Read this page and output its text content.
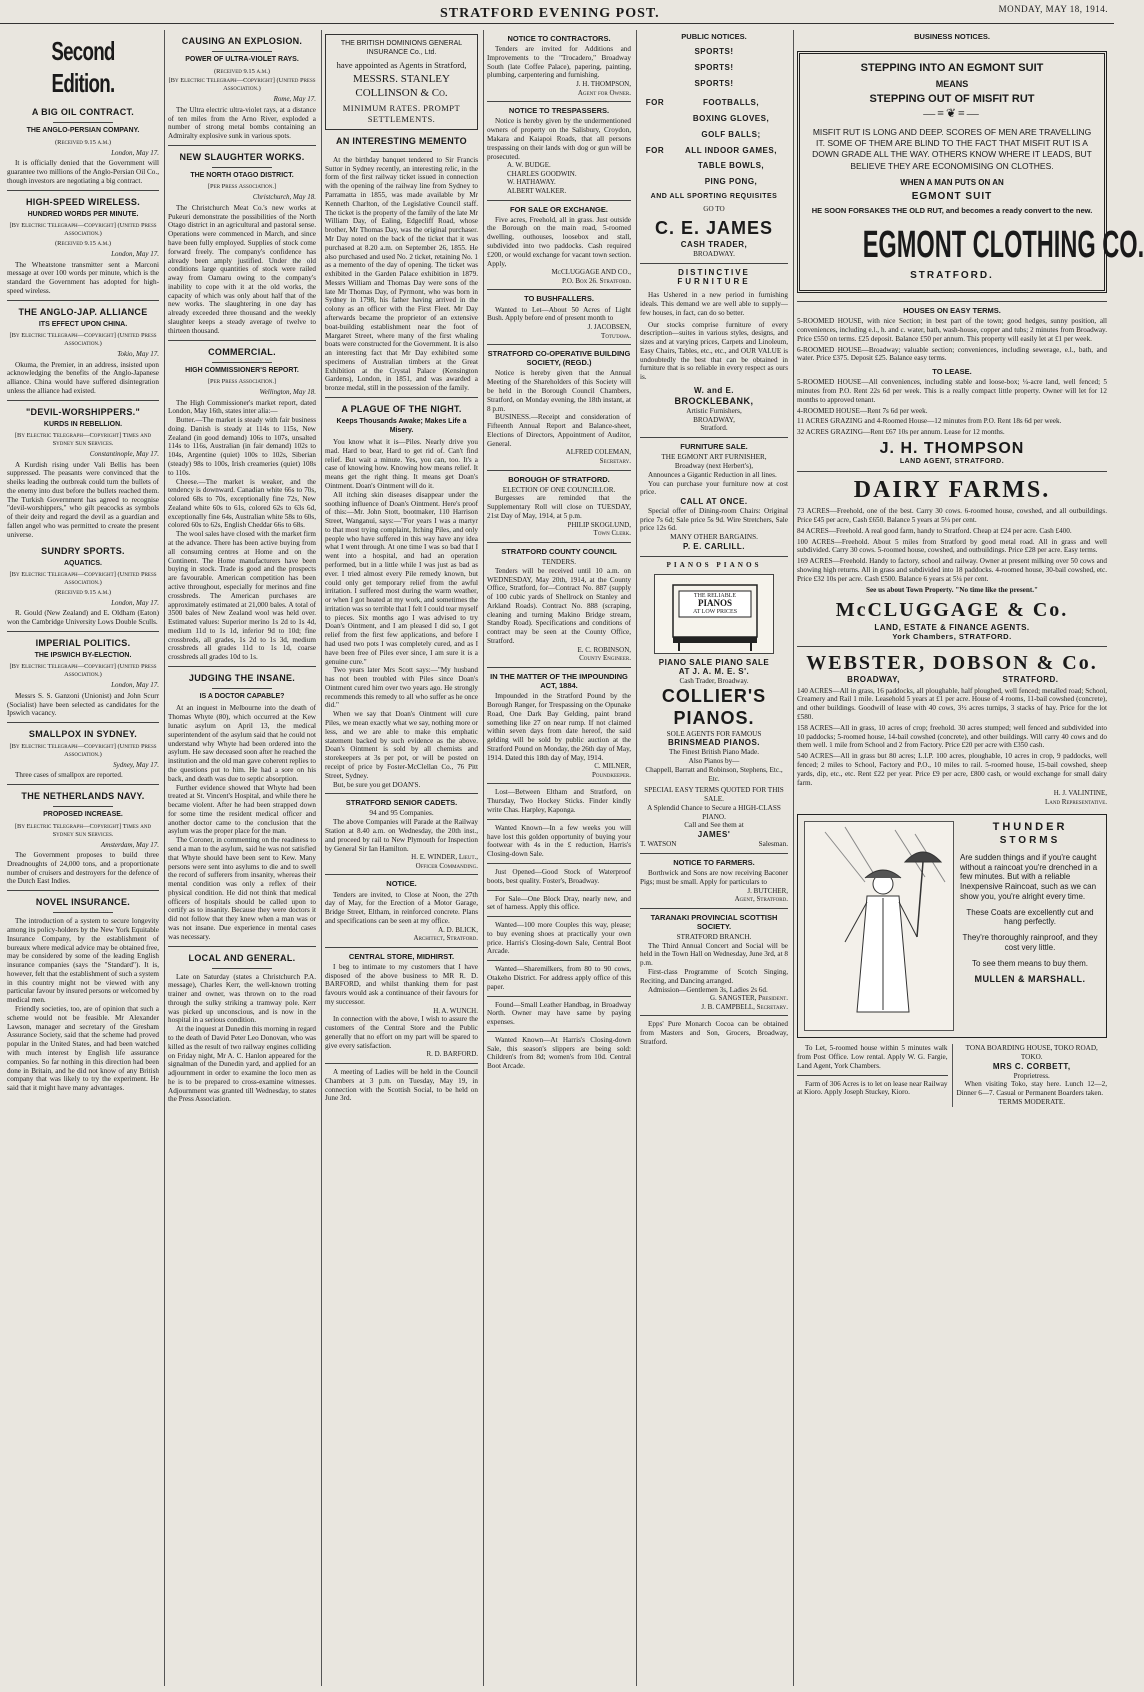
STRATFORD EVENING POST.	MONDAY, MAY 18, 1914.
Second Edition.
A BIG OIL CONTRACT.
THE ANGLO-PERSIAN COMPANY.
(Received 9.15 a.m.)
London, May 17.

It is officially denied that the Government will guarantee two millions of the Anglo-Persian Oil Co., though investors are negotiating a big contract.

HIGH-SPEED WIRELESS.
HUNDRED WORDS PER MINUTE.
[By Electric Telegraph—Copyright] (United Press Association.)
(Received 9.15 a.m.)
London, May 17.

The Wheatstone transmitter sent a Marconi message at over 100 words per minute, which is the standard the Government has adopted for high-speed wireless.

THE ANGLO-JAP. ALLIANCE
ITS EFFECT UPON CHINA.
[By Electric Telegraph—Copyright] (United Press Association.)
Tokio, May 17.

Okuma, the Premier, in an address, insisted upon acknowledging the benefits of the Anglo-Japanese alliance. China would have suffered disintegration unless the alliance had existed.

"DEVIL-WORSHIPPERS."
KURDS IN REBELLION.
[By Electric Telegraph—Copyright] Times and Sydney Sun Services.
Constantinople, May 17.

A Kurdish rising under Vali Bellis has been suppressed. The peasants were convinced that the sheiks leading the outbreak could turn the bullets of the enemy into dust before the bullets reached them. The Turkish Government has agreed to recognise "devil-worshippers," who gilt peacocks as symbols of their deity and regard the devil as a guardian and fallen angel who was permitted to create the present universe.

SUNDRY SPORTS.
AQUATICS.
[By Electric Telegraph—Copyright] (United Press Association.)
(Received 9.15 a.m.)
London, May 17.

R. Gould (New Zealand) and E. Oldham (Eaton) won the Cambridge University Lows Double Sculls.

IMPERIAL POLITICS.
THE IPSWICH BY-ELECTION.
[By Electric Telegraph—Copyright] (United Press Association.)
London, May 17.

Messrs S. S. Ganzoni (Unionist) and John Scurr (Socialist) have been selected as candidates for the Ipswich vacancy.

SMALLPOX IN SYDNEY.
[By Electric Telegraph—Copyright] (United Press Association.)
Sydney, May 17.

Three cases of smallpox are reported.

THE NETHERLANDS NAVY.
PROPOSED INCREASE.
[By Electric Telegraph—Copyright] Times and Sydney Sun Services.
Amsterdam, May 17.

The Government proposes to build three Dreadnoughts of 24,000 tons, and a proportionate number of cruisers and destroyers for the defence of the Dutch East Indies.

NOVEL INSURANCE.

The introduction of a system to secure longevity among its policy-holders by the New York Equitable Insurance Company, by the establishment of bureaux where medical advice may be obtained free, may be considered by some of the leading English insurance companies (says the "Standard"). It is, however, felt that the establishment of such a system in this country might not be viewed with any particular favour by insured persons or welcomed by medical men.

Friendly societies, too, are of opinion that such a scheme would not be feasible. Mr Alexander Lawson, manager and secretary of the Gresham Assurance Society, said that the scheme had proved popular in the United States, and had been watched with much interest by English life assurance companies. So far nothing in this direction had been done in Britain, and he did not know of any British company that was likely to try the experiment. He said that it might have many advantages.

CAUSING AN EXPLOSION.
POWER OF ULTRA-VIOLET RAYS.
(Received 9.15 a.m.)
[By Electric Telegraph—Copyright] (United Press Association.)
Rome, May 17.

The Ultra electric ultra-violet rays, at a distance of ten miles from the Arno River, exploded a number of strong metal bombs containing an Admiralty explosive sunk in various spots.

NEW SLAUGHTER WORKS.
THE NORTH OTAGO DISTRICT.
[Per Press Association.]
Christchurch, May 18.

The Christchurch Meat Co.'s new works at Pukeuri demonstrate the possibilities of the North Otago district in an agricultural and pastoral sense. Operations were commenced in March, and since have been fully employed. Supplies of stock come forward freely. The company's confidence has already been amply justified. Under the old conditions large quantities of stock were railed away from Oamaru owing to the company's inability to cope with it at the old works, the capacity of which was only about half that of the new works. The slaughtering in one day has already exceeded three thousand and the weekly slaughter keeps a steady average of twelve to thirteen thousand.

COMMERCIAL.
HIGH COMMISSIONER'S REPORT.
[Per Press Association.]
Wellington, May 18.

The High Commissioner's market report, dated London, May 16th, states inter alia:—

Butter.—The market is steady with fair business doing. Danish is steady at 114s to 115s, New Zealand (in good demand) 106s to 107s, unsalted 114s to 116s, Australian (in fair demand) 102s to 104s, Argentine (quiet) 100s to 102s, Siberian (steady) 98s to 100s, Irish creameries (quiet) 108s to 110s.

Cheese.—The market is weaker, and the tendency is downward. Canadian white 66s to 70s, colored 68s to 70s, exceptionally fine 72s, New Zealand white 60s to 61s, colored 62s to 63s 6d, exceptionally fine 64s, Australian white 58s to 60s, colored 60s to 62s, English Cheddar 66s to 68s.

The wool sales have closed with the market firm at the advance. There has been active buying from all consuming centres at Home and on the Continent. The Home manufacturers have been buying in stock. Trade is good and the prospects are favourable. American competition has been active throughout, especially for merinos and fine crossbreds. The American purchases are approximately estimated at 21,000 bales. A total of 3500 bales of New Zealand wool was held over. Estimated values: Superior merino 1s 2d to 1s 4d, medium 11d to 1s 1d, inferior 9d to 10d; fine crossbreds, all grades, 1s 2d to 1s 3d, medium crossbreds all grades 11d to 1s 1d, coarse crossbreds all grades 10d to 1s.

JUDGING THE INSANE.
IS A DOCTOR CAPABLE?

At an inquest in Melbourne into the death of Thomas Whyte (80), which occurred at the Kew lunatic asylum on April 13, the medical superintendent of the asylum said that he could not understand why Whyte had been ordered into the asylum. He saw deceased soon after he reached the institution and the old man gave coherent replies to the questions put to him. He had a sore on his back, and death was due to septic absorption.

Further evidence showed that Whyte had been treated at St. Vincent's Hospital, and while there he became violent. After he had been strapped down for some time the resident medical officer and another doctor came to the conclusion that the asylum was the proper place for the man.

The Coroner, in commenting on the readiness to send a man to the asylum, said he was not satisfied that Whyte should have been sent to Kew. Many persons were sent into asylums to die and to swell the record of sufferers from insanity, whereas their mental condition was only a reflex of their physical condition. He did not think that medical officers of hospitals should be called upon to certify as to insanity. Because they were doctors it did not follow that they knew when a man was or was not insane. Due experience in mental cases was necessary.

LOCAL AND GENERAL.

Late on Saturday (states a Christchurch P.A. message), Charles Kerr, the well-known trotting trainer and owner, was thrown on to the road through the sulky striking a tramway pole. Kerr was picked up unconscious, and is now in the hospital in a serious condition.

At the inquest at Dunedin this morning in regard to the death of David Peter Leo Donovan, who was killed as the result of two railway engines colliding on Friday night, Mr A. C. Hanlon appeared for the signalman of the Dunedin yard, and applied for an adjournment in order to examine the loco men as he is to be prepared to cross-examine witnesses. Adjournment was granted till Wednesday, to states the Press Association.

THE BRITISH DOMINIONS GENERAL INSURANCE Co., Ltd.
have appointed as Agents in Stratford,
MESSRS. STANLEY COLLINSON & Co.
MINIMUM RATES. PROMPT SETTLEMENTS.
AN INTERESTING MEMENTO

At the birthday banquet tendered to Sir Francis Suttor in Sydney recently, an interesting relic, in the form of the first railway ticket issued in connection with the opening of the railway line from Sydney to Parramatta in 1855, was made available by Mr Kenneth Charlton, of the Legislative Council staff. The ticket is the property of the family of the late Mr William Day, of Ealing, Edgecliff Road, whose brother, Mr Thomas Day, was the original purchaser. Mr Day noted on the back of the ticket that it was purchased at 8.20 a.m. on September 26, 1855. He also purchased and used No. 2 ticket, retaining No. 1 as a memento of the day of opening. The ticket was exhibited in the Garden Palace exhibition in 1879. Messrs William and Thomas Day were sons of the late Mr Thomas Day, of Pyrmont, who was born in Sydney in 1798, his father having arrived in the colony as an officer with the First Fleet. Mr Day afterwards became the proprietor of an extensive boat-building establishment near the foot of Margaret Street, where many of the first whaling boats were constructed for the Government. It is also an interesting fact that Mr Day exhibited some specimens of Australian timbers at the Great Exhibition at the Crystal Palace (Kensington Gardens), London, in 1851, and was awarded a bronze medal, still in the possession of the family.

A PLAGUE OF THE NIGHT.
Keeps Thousands Awake; Makes Life a Misery.

You know what it is—Piles. Nearly drive you mad. Hard to bear, Hard to get rid of. Can't find relief. But wait a minute. Yes, you can, too. It's a case of knowing how. Knowing how means relief. It means get the right thing. It means get Doan's Ointment. Doan's Ointment will do it.

All itching skin diseases disappear under the soothing influence of Doan's Ointment. Here's proof of this:—Mr. John Stott, bootmaker, 110 Harrison Street, Wanganui, says:—"For years I was a martyr to that most trying complaint, Itching Piles, and only people who have suffered in this way have any idea what I went through. At one time I was so bad that I went into a hospital, and had an operation performed, but in a little while I was just as bad as ever. I tried almost every Pile remedy known, but could only get temporary relief from the awful irritation. I suffered most during the warm weather, or when I got heated at my work, and sometimes the irritation was so terrible that I felt I could tear myself to pieces. Six months ago I was advised to try Doan's Ointment, and I am pleased I did so, I got relief from the first few applications, and before I had used two pots I was completely cured, and as I have been free of Piles ever since, I am sure it is a genuine cure."

Two years later Mrs Scott says:—"My husband has not been troubled with Piles since Doan's Ointment cured him over two years ago. He strongly recommends this remedy to all who suffer as he once did."

When we say that Doan's Ointment will cure Piles, we mean exactly what we say, nothing more or less, and we are able to make this emphatic statement backed by such evidence as the above. Doan's Ointment is sold by all chemists and storekeepers at 3s per pot, or will be posted on receipt of price by Foster-McClellan Co., 76 Pitt Street, Sydney.

But, be sure you get DOAN'S.

STRATFORD SENIOR CADETS.
94 and 95 Companies.

The above Companies will Parade at the Railway Station at 8.40 a.m. on Wednesday, the 20th inst., and proceed by rail to New Plymouth for Inspection by General Sir Ian Hamilton.

H. E. WINDER, Lieut.,
Officer Commanding.
NOTICE.

Tenders are invited, to Close at Noon, the 27th day of May, for the Erection of a Motor Garage, Bridge Street, Eltham, in reinforced concrete. Plans and specifications can be seen at my office.

A. D. BLICK,
Architect, Stratford.
CENTRAL STORE, MIDHIRST.

I beg to intimate to my customers that I have disposed of the above business to MR R. D. BARFORD, and whilst thanking them for past favours would ask a continuance of their favours for my successor.

H. A. WUNCH.

In connection with the above, I wish to assure the customers of the Central Store and the Public generally that no effort on my part will be spared to give every satisfaction.

R. D. BARFORD.

A meeting of Ladies will be held in the Council Chambers at 3 p.m. on Tuesday, May 19, in connection with the Scottish Social, to be held on June 3rd.

NOTICE TO CONTRACTORS.

Tenders are invited for Additions and Improvements to the "Trocadero," Broadway South (late Coffee Palace), papering, painting, plumbing, carpentering and furnishing.

J. H. THOMPSON,
Agent for Owner.
NOTICE TO TRESPASSERS.

Notice is hereby given by the undermentioned owners of property on the Salisbury, Croydon, Makara and Kaiapoi Roads, that all persons trespassing on their lands with dog or gun will be prosecuted.

A. W. BUDGE.
CHARLES GOODWIN.
W. HATHAWAY.
ALBERT WALKER.
FOR SALE OR EXCHANGE.

Five acres, Freehold, all in grass. Just outside the Borough on the main road, 5-roomed dwelling, outhouses, loosebox and stall, subdivided into two paddocks. Cash required £200, or would exchange for vacant town section. Apply,

McCLUGGAGE AND CO.,
P.O. Box 26. Stratford.
TO BUSHFALLERS.

Wanted to Let—About 50 Acres of Light Bush. Apply before end of present month to

J. JACOBSEN,
Totutawa.
STRATFORD CO-OPERATIVE BUILDING SOCIETY, (REGD.)

Notice is hereby given that the Annual Meeting of the Shareholders of this Society will be held in the Borough Council Chambers, Stratford, on Monday evening, the 18th instant, at 8 p.m.

BUSINESS.—Receipt and consideration of Fifteenth Annual Report and Balance-sheet, Elections of Directors, Appointment of Auditor, General.

ALFRED COLEMAN,
Secretary.
BOROUGH OF STRATFORD.
ELECTION OF ONE COUNCILLOR.

Burgesses are reminded that the Supplementary Roll will close on TUESDAY, 21st Day of May, 1914, at 5 p.m.

PHILIP SKOGLUND,
Town Clerk.
STRATFORD COUNTY COUNCIL
TENDERS.

Tenders will be received until 10 a.m. on WEDNESDAY, May 20th, 1914, at the County Office, Stratford, for—Contract No. 887 (supply of 100 cubic yards of Shellrock on Stanley and Arkland Roads). Contract No. 888 (scraping, cleaning and turning Makino Bridge stream, Standby Road). Specifications and conditions of contract may be seen at the County Office, Stratford.

E. C. ROBINSON,
County Engineer.
IN THE MATTER OF THE IMPOUNDING ACT, 1884.

Impounded in the Stratford Pound by the Borough Ranger, for Trespassing on the Opunake Road, One Dark Bay Gelding, paint brand something like 27 on near rump. If not claimed within seven days from date hereof, the said gelding will be sold by public auction at the Stratford Pound on Monday, the 26th day of May, 1914. Dated this 18th day of May, 1914.

C. MILNER,
Poundkeeper.

Lost—Between Eltham and Stratford, on Thursday, Two Hockey Sticks. Finder kindly write Chas. Harpley, Kaponga.

Wanted Known—In a few weeks you will have lost this golden opportunity of buying your footwear with 4s in the £ reduction, Harris's Closing-down Sale.

Just Opened—Good Stock of Waterproof boots, best quality. Foster's, Broadway.

For Sale—One Block Dray, nearly new, and set of harness. Apply this office.

Wanted—100 more Couples this way, please; to buy evening shoes at practically your own price. Harris's Closing-down Sale, Central Boot Arcade.

Wanted—Sharemilkers, from 80 to 90 cows, Otakeho District. For address apply office of this paper.

Found—Small Leather Handbag, in Broadway North. Owner may have same by paying expenses.

Wanted Known—At Harris's Closing-down Sale, this season's slippers are being sold: Children's from 8d; women's from 10d. Central Boot Arcade.

PUBLIC NOTICES.
SPORTS!
SPORTS!
SPORTS!
FOR	FOOTBALLS,
BOXING GLOVES,
GOLF BALLS;
FOR	ALL INDOOR GAMES,
TABLE BOWLS,
PING PONG,
AND ALL SPORTING REQUISITES
GO TO
C. E. JAMES
CASH TRADER,
BROADWAY.
DISTINCTIVE
FURNITURE

Has Ushered in a new period in furnishing ideals. This demand we are well able to supply—few houses, in fact, can do so better.

Our stocks comprise furniture of every description—suites in various styles, designs, and sizes and at varying prices, Carpets and Linoleum, Easy Chairs, Tables, etc., etc., and OUR VALUE is undoubtedly the best that can be obtained in furniture that is so reliable in every respect as ours is.

W. and E.
BROCKLEBANK,
Artistic Furnishers,
BROADWAY,
Stratford.
FURNITURE SALE.
THE EGMONT ART FURNISHER,
Broadway (next Herbert's),

Announces a Gigantic Reduction in all lines.

You can purchase your furniture now at cost price.

CALL AT ONCE.

Special offer of Dining-room Chairs: Original price 7s 6d; Sale price 5s 9d. Wire Stretchers, Sale price 12s 6d.

MANY OTHER BARGAINS.
P. E. CARLILL.
PIANOS PIANOS
THE RELIABLE
PIANOS
AT LOW PRICES
PIANO SALE PIANO SALE
AT J. A. M. E. S'.
Cash Trader, Broadway.
COLLIER'S
PIANOS.
SOLE AGENTS FOR FAMOUS
BRINSMEAD PIANOS.
The Finest British Piano Made.
Also Pianos by—
Chappell, Barratt and Robinson, Stephens, Etc., Etc.
SPECIAL EASY TERMS QUOTED FOR THIS SALE.
A Splendid Chance to Secure a HIGH-CLASS PIANO.
Call and See them at
JAMES'
T. WATSON	Salesman.
NOTICE TO FARMERS.

Borthwick and Sons are now receiving Baconer Pigs; must be small. Apply for particulars to

J. BUTCHER,
Agent, Stratford.
TARANAKI PROVINCIAL SCOTTISH SOCIETY.
STRATFORD BRANCH.

The Third Annual Concert and Social will be held in the Town Hall on Wednesday, June 3rd, at 8 p.m.

First-class Programme of Scotch Singing, Reciting, and Dancing arranged.

Admission—Gentlemen 3s, Ladies 2s 6d.

G. SANGSTER, President.
J. B. CAMPBELL, Secretary.

Epps' Pure Monarch Cocoa can be obtained from Masters and Son, Grocers, Broadway, Stratford.

BUSINESS NOTICES.
STEPPING INTO AN EGMONT SUIT
MEANS
STEPPING OUT OF MISFIT RUT
—≡❦≡—
MISFIT RUT IS LONG AND DEEP. SCORES OF MEN ARE TRAVELLING IT. SOME OF THEM ARE BLIND TO THE FACT THAT MISFIT RUT IS A DOWN GRADE ALL THE WAY. OTHERS KNOW WHERE IT LEADS, BUT BELIEVE THEY ARE ECONOMISING ON CLOTHES.
WHEN A MAN PUTS ON AN
EGMONT SUIT
HE SOON FORSAKES THE OLD RUT, and becomes a ready convert to the new.
EGMONT CLOTHING CO.
STRATFORD.
HOUSES ON EASY TERMS.

5-ROOMED HOUSE, with nice Section; in best part of the town; good hedges, sunny position, all conveniences, including e.l., h. and c. water, bath, wash-house, copper and tubs; 2 minutes from Broadway. Price £550 on terms. £25 deposit. Balance £50 per annum. This property will easily let at £1 per week.

6-ROOMED HOUSE—Broadway; valuable section; conveniences, including sewerage, e.l., bath, and water. Price £375. Deposit £25. Balance easy terms.

TO LEASE.

5-ROOMED HOUSE—All conveniences, including stable and loose-box; ¼-acre land, well fenced; 5 minutes from P.O. Rent 22s 6d per week. This is a really compact little property. Owner will let for 12 months to approved tenant.

4-ROOMED HOUSE—Rent 7s 6d per week.

11 ACRES GRAZING and 4-Roomed House—12 minutes from P.O. Rent 18s 6d per week.

32 ACRES GRAZING—Rent £67 10s per annum. Lease for 12 months.

J. H. THOMPSON
LAND AGENT, STRATFORD.
DAIRY FARMS.

73 ACRES—Freehold, one of the best. Carry 30 cows. 6-roomed house, cowshed, and all outbuildings. Price £45 per acre, Cash £650. Balance 5 years at 5¼ per cent.

84 ACRES—Freehold. A real good farm, handy to Stratford. Cheap at £24 per acre. Cash £400.

100 ACRES—Freehold. About 5 miles from Stratford by good metal road. All in grass and well subdivided. Carry 30 cows. 5-roomed house, cowshed, and outbuildings. Price £28 per acre. Easy terms.

169 ACRES—Freehold. Handy to factory, school and railway. Owner at present milking over 50 cows and showing high returns. All in grass and subdivided into 18 paddocks. 4-roomed house, 30-bail cowshed, etc. Price £32 10s per acre. Cash £500. Balance 6 years at 5¼ per cent.

See us about Town Property. "No time like the present."
McCLUGGAGE & Co.
LAND, ESTATE & FINANCE AGENTS.
York Chambers, STRATFORD.
WEBSTER, DOBSON & Co.
BROADWAY,	STRATFORD.

140 ACRES—All in grass, 16 paddocks, all ploughable, half ploughed, well fenced; metalled road; School, Creamery and Rail 1 mile. Leasehold 5 years at £1 per acre. House of 4 rooms, 11-bail cowshed (concrete), and other buildings. Goodwill of lease with 40 cows, 3½ acres turnips, 3 stacks of hay. Price for the lot £580.

158 ACRES—All in grass, 10 acres of crop; freehold. 30 acres stumped; well fenced and subdivided into 10 paddocks; 5-roomed house, 14-bail cowshed (concrete), and other buildings. Will carry 40 cows and do them well. 1 mile from School and 2 from Factory. Price £20 per acre with £350 cash.

540 ACRES—All in grass but 80 acres; L.I.P. 100 acres, ploughable, 10 acres in crop, 9 paddocks, well fenced; 2 miles to School, Factory and P.O., 10 miles to rail. 5-roomed house, 15-bail cowshed, sheep yards, dip, etc., etc. Rent £22 per year. Price £9 per acre, £800 cash, or would exchange for small dairy farm.

H. J. VALINTINE,
Land Representative.
THUNDER
STORMS

Are sudden things and if you're caught without a raincoat you're drenched in a few minutes. But with a reliable Inexpensive Raincoat, such as we can show you, you're alright every time.

These Coats are excellently cut and hang perfectly.

They're thoroughly rainproof, and they cost very little.

To see them means to buy them.

MULLEN & MARSHALL.

To Let, 5-roomed house within 5 minutes walk from Post Office. Low rental. Apply W. G. Fargie, Land Agent, York Chambers.

Farm of 306 Acres is to let on lease near Railway at Kioro. Apply Joseph Stuckey, Kioro.

TONA BOARDING HOUSE, TOKO ROAD, TOKO.
MRS C. CORBETT,
Proprietress.

When visiting Toko, stay here. Lunch 12—2, Dinner 6—7. Casual or Permanent Boarders taken.

TERMS MODERATE.
